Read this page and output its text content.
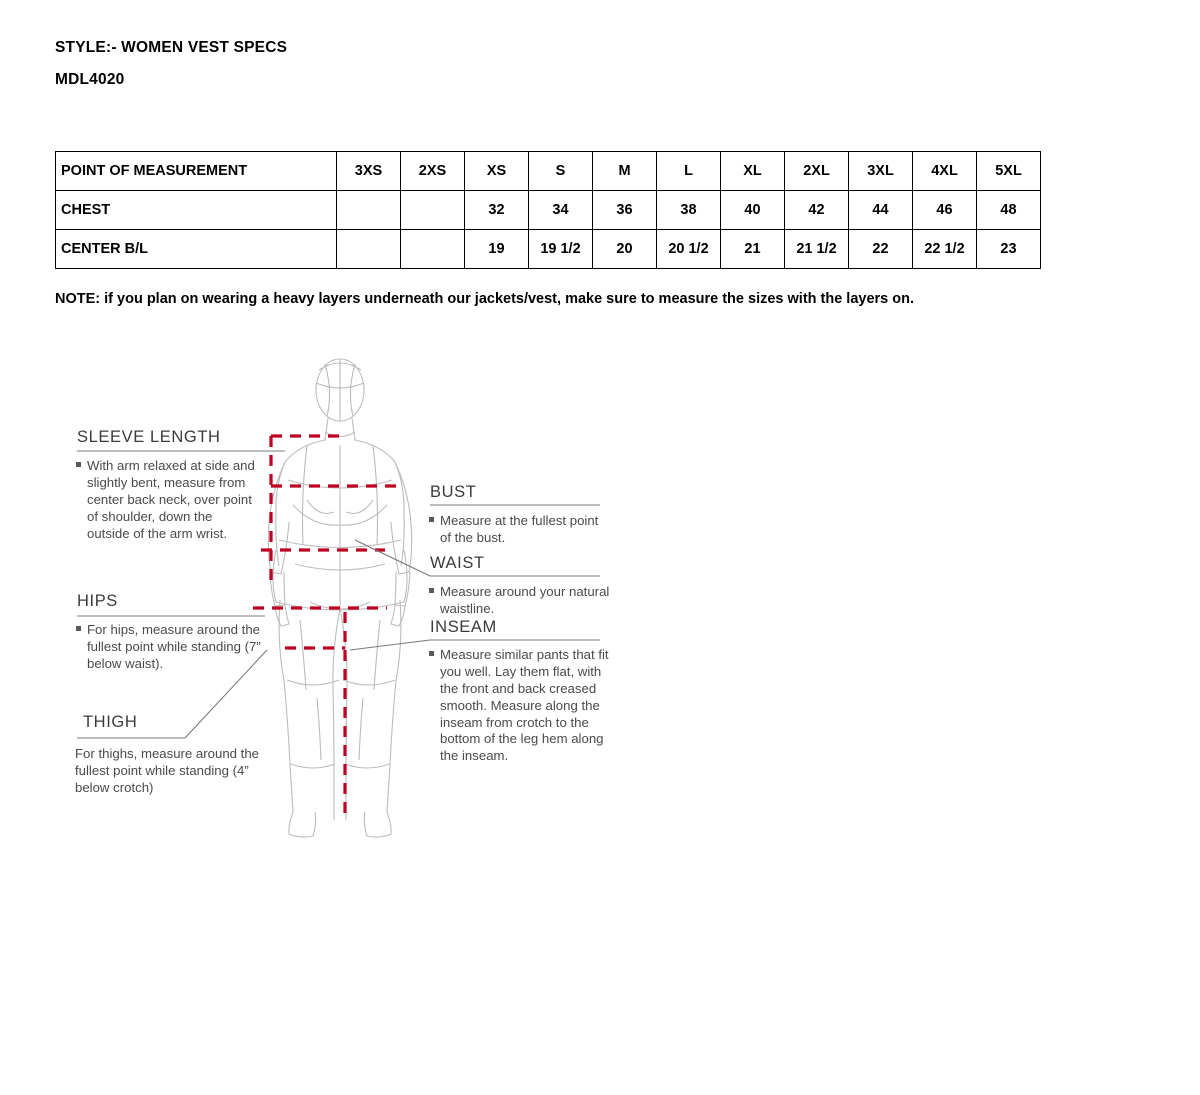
STYLE:- WOMEN VEST SPECS
MDL4020
POINT OF MEASUREMENT	3XS	2XS	XS	S	M	L	XL	2XL	3XL	4XL	5XL
CHEST			32	34	36	38	40	42	44	46	48
CENTER B/L			19	19 1/2	20	20 1/2	21	21 1/2	22	22 1/2	23
NOTE: if you plan on wearing a heavy layers underneath our jackets/vest, make sure to measure the sizes with the layers on.
SLEEVE LENGTH
With arm relaxed at side and slightly bent, measure from center back neck, over point of shoulder, down the outside of the arm wrist.
HIPS
For hips, measure around the fullest point while standing (7” below waist).
THIGH
For thighs, measure around the fullest point while standing (4” below crotch)
BUST
Measure at the fullest point of the bust.
WAIST
Measure around your natural waistline.
INSEAM
Measure similar pants that fit you well. Lay them flat, with the front and back creased smooth. Measure along the inseam from crotch to the bottom of the leg hem along the inseam.
